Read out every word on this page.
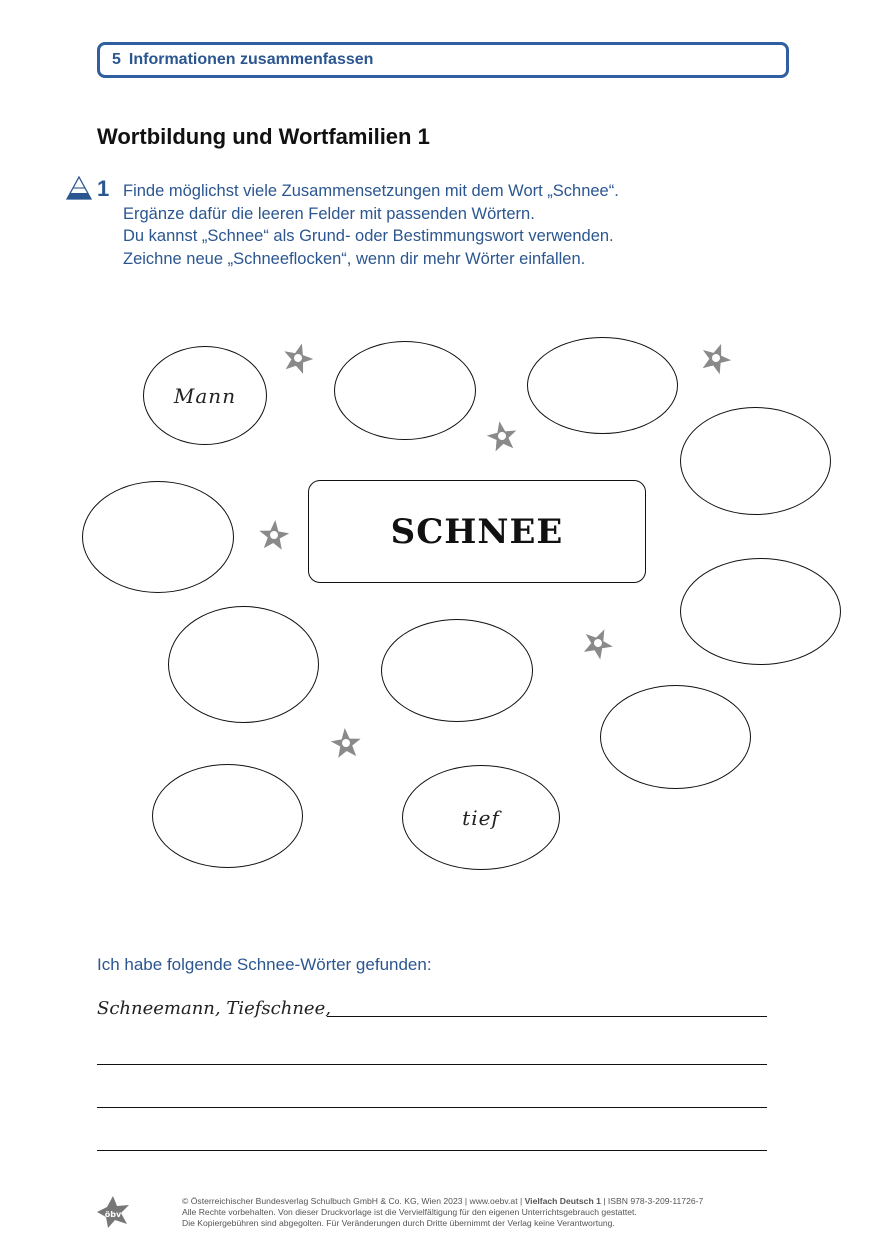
5 Informationen zusammenfassen
Wortbildung und Wortfamilien 1
1 Finde möglichst viele Zusammensetzungen mit dem Wort „Schnee“.
Ergänze dafür die leeren Felder mit passenden Wörtern.
Du kannst „Schnee“ als Grund- oder Bestimmungswort verwenden.
Zeichne neue „Schneeflocken“, wenn dir mehr Wörter einfallen.
Mann
tief
SCHNEE
Ich habe folgende Schnee-Wörter gefunden:
Schneemann, Tiefschnee,
öbv
© Österreichischer Bundesverlag Schulbuch GmbH & Co. KG, Wien 2023 | www.oebv.at | Vielfach Deutsch 1 | ISBN 978-3-209-11726-7
Alle Rechte vorbehalten. Von dieser Druckvorlage ist die Vervielfältigung für den eigenen Unterrichtsgebrauch gestattet.
Die Kopiergebühren sind abgegolten. Für Veränderungen durch Dritte übernimmt der Verlag keine Verantwortung.
